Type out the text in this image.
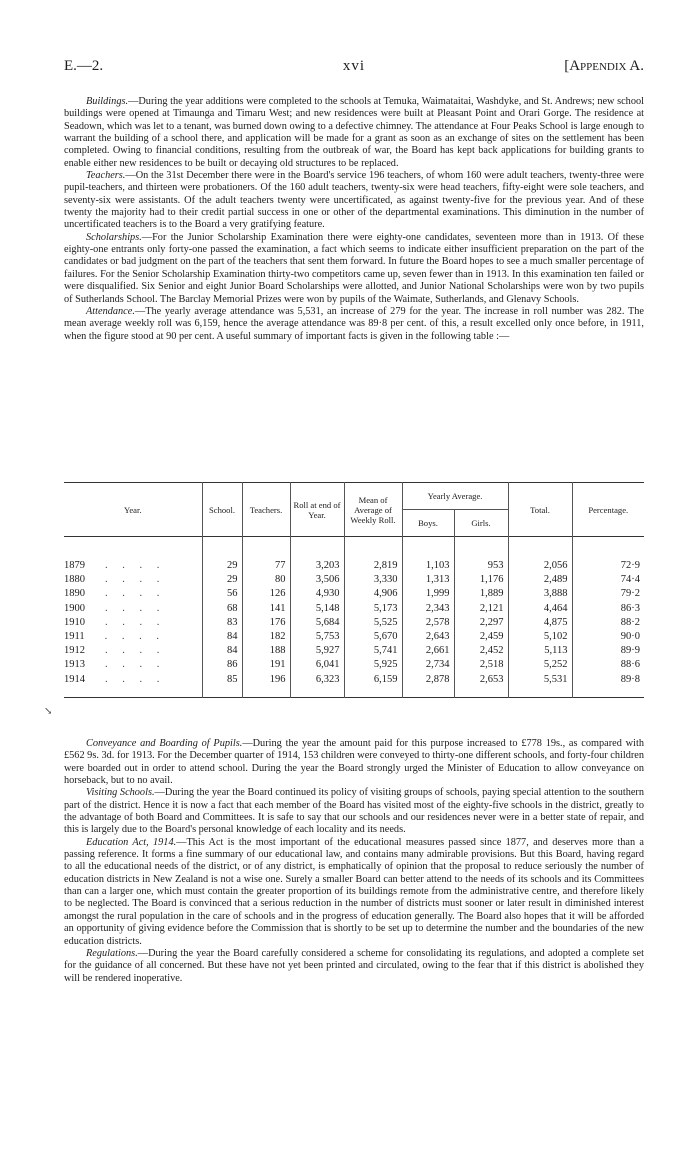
E.—2.	xvi	[Appendix A.

Buildings.—During the year additions were completed to the schools at Temuka, Waimataitai, Washdyke, and St. Andrews; new school buildings were opened at Timaunga and Timaru West; and new residences were built at Pleasant Point and Orari Gorge. The residence at Seadown, which was let to a tenant, was burned down owing to a defective chimney. The attendance at Four Peaks School is large enough to warrant the building of a school there, and application will be made for a grant as soon as an exchange of sites on the settlement has been completed. Owing to financial conditions, resulting from the outbreak of war, the Board has kept back applications for building grants to enable either new residences to be built or decaying old structures to be replaced.

Teachers.—On the 31st December there were in the Board's service 196 teachers, of whom 160 were adult teachers, twenty-three were pupil-teachers, and thirteen were probationers. Of the 160 adult teachers, twenty-six were head teachers, fifty-eight were sole teachers, and seventy-six were assistants. Of the adult teachers twenty were uncertificated, as against twenty-five for the previous year. And of these twenty the majority had to their credit partial success in one or other of the departmental examinations. This diminution in the number of uncertificated teachers is to the Board a very gratifying feature.

Scholarships.—For the Junior Scholarship Examination there were eighty-one candidates, seventeen more than in 1913. Of these eighty-one entrants only forty-one passed the examination, a fact which seems to indicate either insufficient preparation on the part of the candidates or bad judgment on the part of the teachers that sent them forward. In future the Board hopes to see a much smaller percentage of failures. For the Senior Scholarship Examination thirty-two competitors came up, seven fewer than in 1913. In this examination ten failed or were disqualified. Six Senior and eight Junior Board Scholarships were allotted, and Junior National Scholarships were won by two pupils of Sutherlands School. The Barclay Memorial Prizes were won by pupils of the Waimate, Sutherlands, and Glenavy Schools.

Attendance.—The yearly average attendance was 5,531, an increase of 279 for the year. The increase in roll number was 282. The mean average weekly roll was 6,159, hence the average attendance was 89·8 per cent. of this, a result excelled only once before, in 1911, when the figure stood at 90 per cent. A useful summary of important facts is given in the following table :—

Year.	School.	Teachers.	Roll at end of Year.	Mean of Average of Weekly Roll.	Yearly Average.		Total.	Percentage.
					Boys.	Girls.		

1879 . . . .	29	77	3,203	2,819	1,103	953	2,056	72·9
1880 . . . .	29	80	3,506	3,330	1,313	1,176	2,489	74·4
1890 . . . .	56	126	4,930	4,906	1,999	1,889	3,888	79·2
1900 . . . .	68	141	5,148	5,173	2,343	2,121	4,464	86·3
1910 . . . .	83	176	5,684	5,525	2,578	2,297	4,875	88·2
1911 . . . .	84	182	5,753	5,670	2,643	2,459	5,102	90·0
1912 . . . .	84	188	5,927	5,741	2,661	2,452	5,113	89·9
1913 . . . .	86	191	6,041	5,925	2,734	2,518	5,252	88·6
1914 . . . .	85	196	6,323	6,159	2,878	2,653	5,531	89·8

↘

Conveyance and Boarding of Pupils.—During the year the amount paid for this purpose increased to £778 19s., as compared with £562 9s. 3d. for 1913. For the December quarter of 1914, 153 children were conveyed to thirty-one different schools, and forty-four children were boarded out in order to attend school. During the year the Board strongly urged the Minister of Education to allow conveyance on horseback, but to no avail.

Visiting Schools.—During the year the Board continued its policy of visiting groups of schools, paying special attention to the southern part of the district. Hence it is now a fact that each member of the Board has visited most of the eighty-five schools in the district, greatly to the advantage of both Board and Committees. It is safe to say that our schools and our residences never were in a better state of repair, and this is largely due to the Board's personal knowledge of each locality and its needs.

Education Act, 1914.—This Act is the most important of the educational measures passed since 1877, and deserves more than a passing reference. It forms a fine summary of our educational law, and contains many admirable provisions. But this Board, having regard to all the educational needs of the district, or of any district, is emphatically of opinion that the proposal to reduce seriously the number of education districts in New Zealand is not a wise one. Surely a smaller Board can better attend to the needs of its schools and its Committees than can a larger one, which must contain the greater proportion of its buildings remote from the administrative centre, and therefore likely to be neglected. The Board is convinced that a serious reduction in the number of districts must sooner or later result in diminished interest amongst the rural population in the care of schools and in the progress of education generally. The Board also hopes that it will be afforded an opportunity of giving evidence before the Commission that is shortly to be set up to determine the number and the boundaries of the new education districts.

Regulations.—During the year the Board carefully considered a scheme for consolidating its regulations, and adopted a complete set for the guidance of all concerned. But these have not yet been printed and circulated, owing to the fear that if this district is abolished they will be rendered inoperative.
